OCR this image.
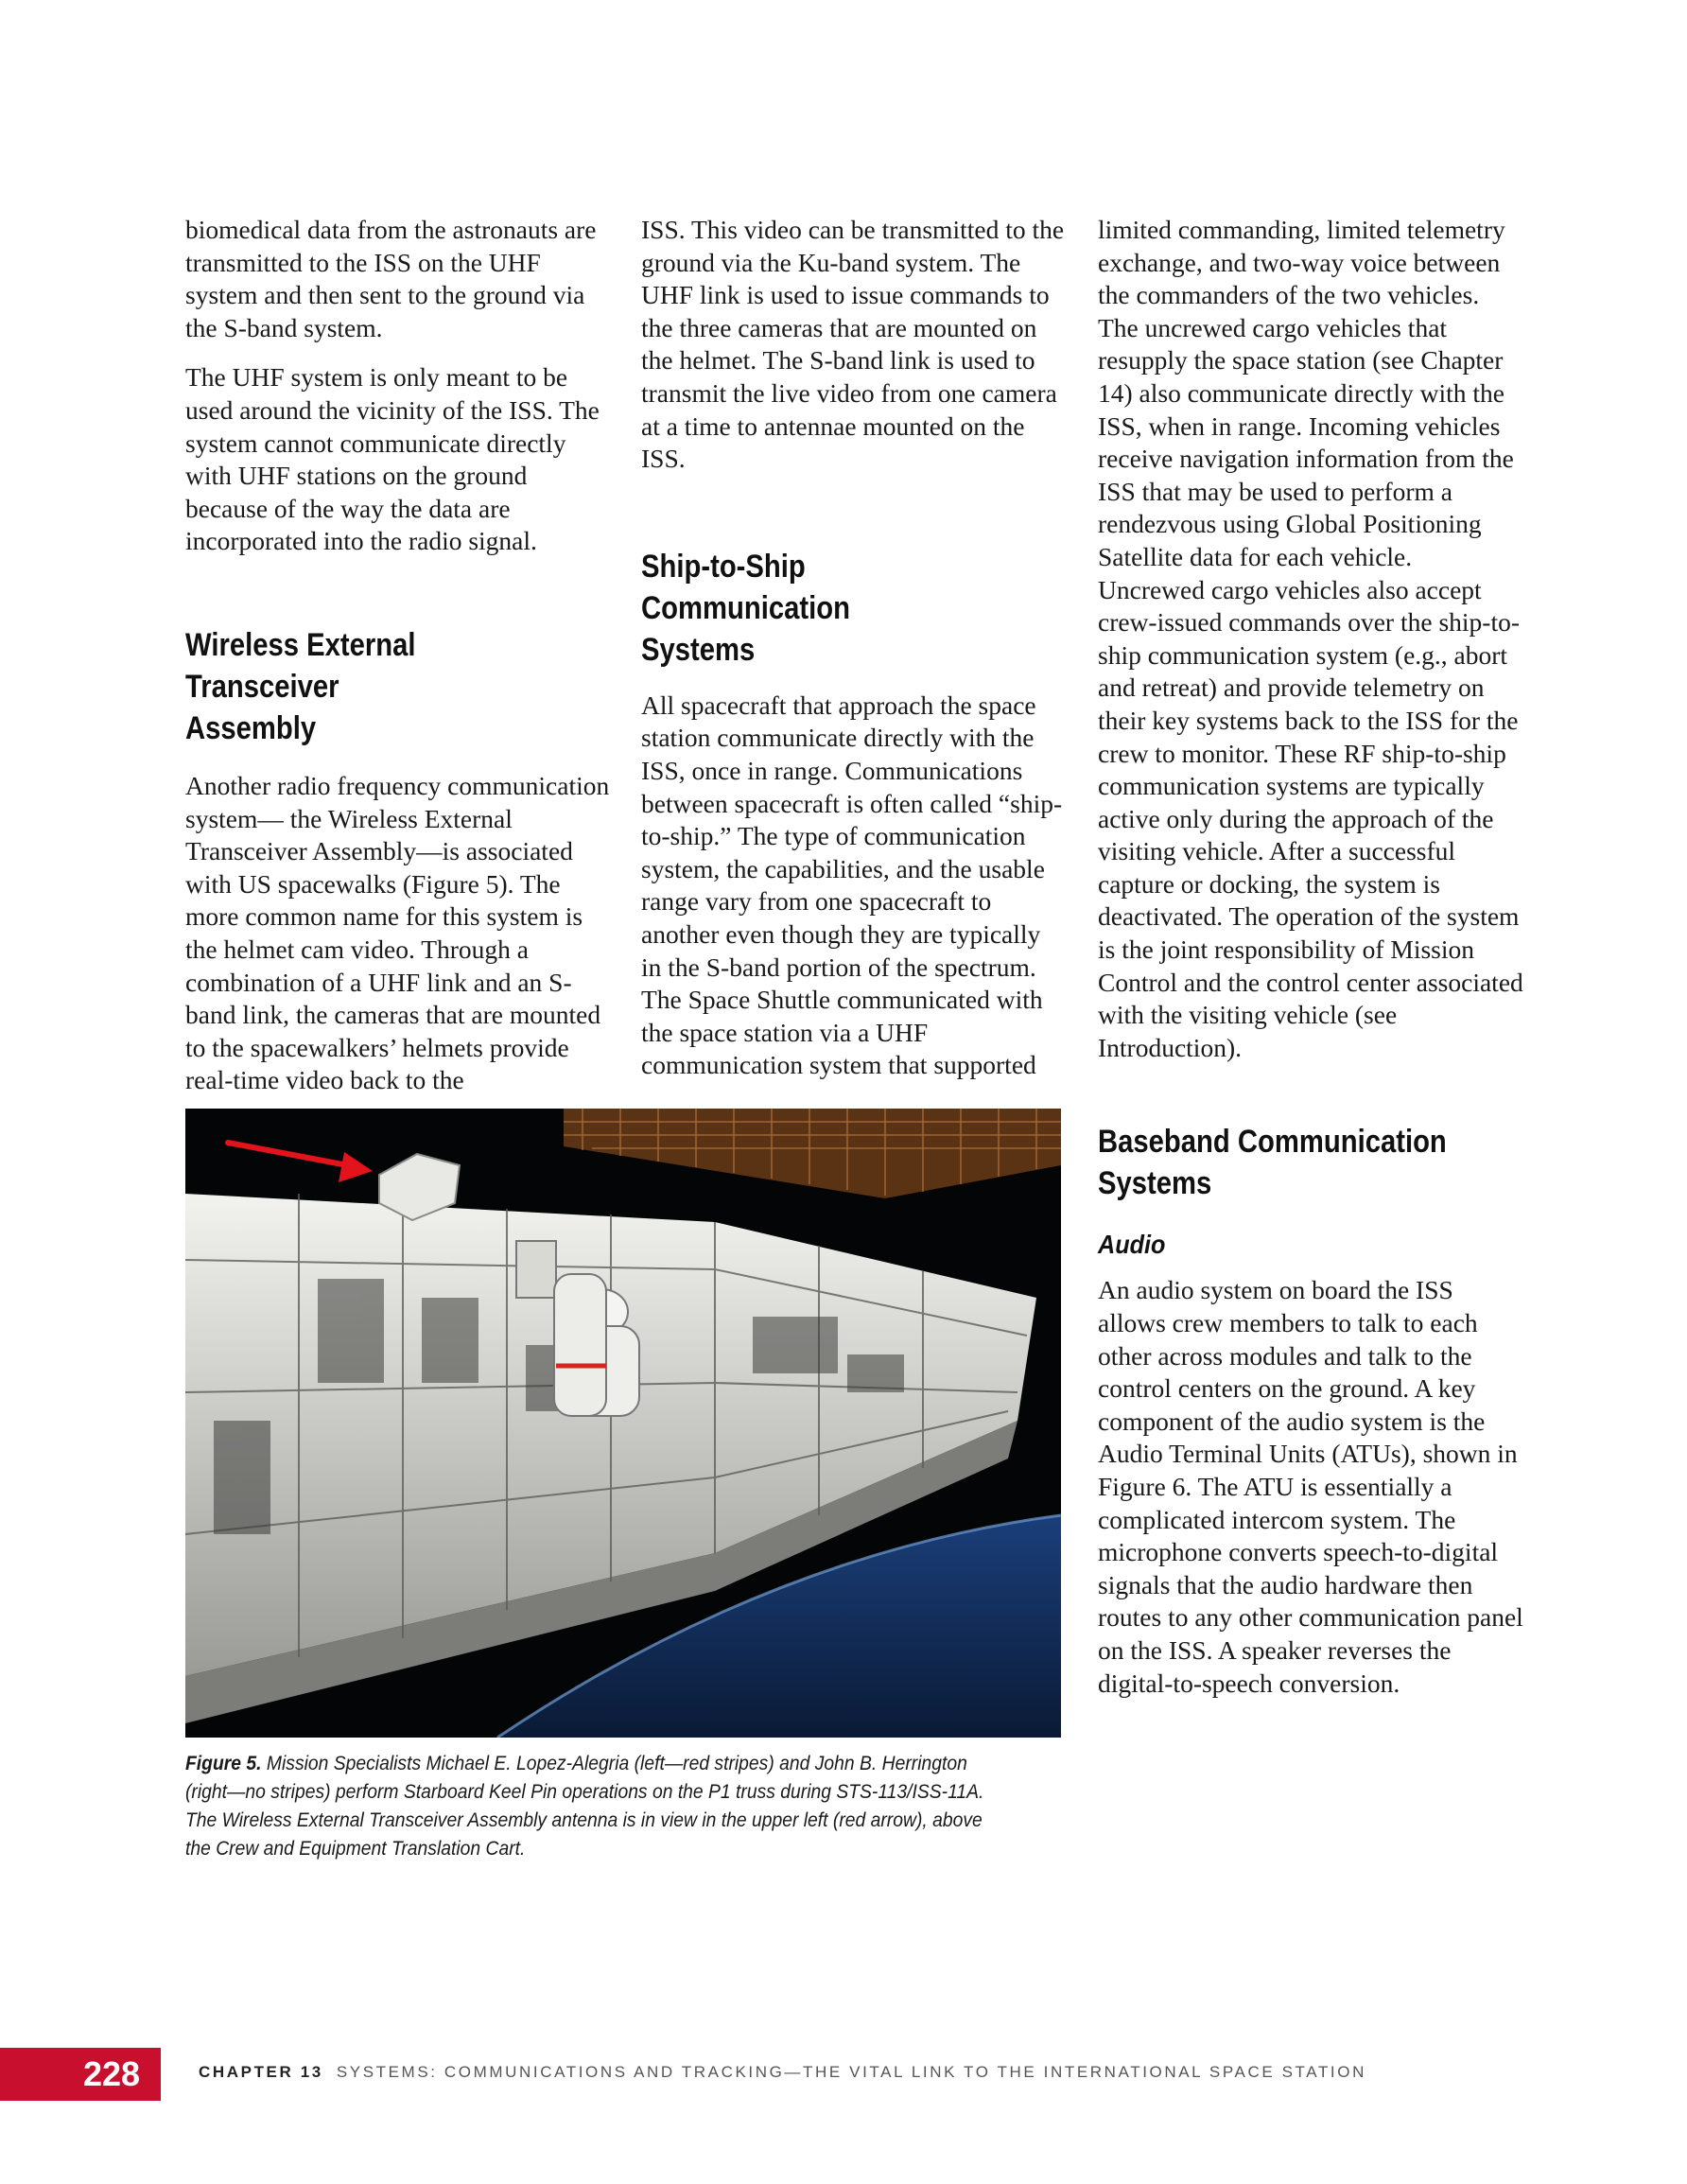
biomedical data from the astronauts are transmitted to the ISS on the UHF system and then sent to the ground via the S-band system.

The UHF system is only meant to be used around the vicinity of the ISS. The system cannot communicate directly with UHF stations on the ground because of the way the data are incorporated into the radio signal.

Wireless External Transceiver Assembly

Another radio frequency communication system— the Wireless External Transceiver Assembly—is associated with US spacewalks (Figure 5). The more common name for this system is the helmet cam video. Through a combination of a UHF link and an S-band link, the cameras that are mounted to the spacewalkers’ helmets provide real-time video back to the

ISS. This video can be transmitted to the ground via the Ku-band system. The UHF link is used to issue commands to the three cameras that are mounted on the helmet. The S-band link is used to transmit the live video from one camera at a time to antennae mounted on the ISS.

Ship-to-Ship Communication Systems

All spacecraft that approach the space station communicate directly with the ISS, once in range. Communications between spacecraft is often called “ship-to-ship.” The type of communication system, the capabilities, and the usable range vary from one spacecraft to another even though they are typically in the S-band portion of the spectrum. The Space Shuttle communicated with the space station via a UHF communication system that supported

limited commanding, limited telemetry exchange, and two-way voice between the commanders of the two vehicles. The uncrewed cargo vehicles that resupply the space station (see Chapter 14) also communicate directly with the ISS, when in range. Incoming vehicles receive navigation information from the ISS that may be used to perform a rendezvous using Global Positioning Satellite data for each vehicle. Uncrewed cargo vehicles also accept crew-issued commands over the ship-to-ship communication system (e.g., abort and retreat) and provide telemetry on their key systems back to the ISS for the crew to monitor. These RF ship-to-ship communication systems are typically active only during the approach of the visiting vehicle. After a successful capture or docking, the system is deactivated. The operation of the system is the joint responsibility of Mission Control and the control center associated with the visiting vehicle (see Introduction).

Baseband Communication Systems
Audio

An audio system on board the ISS allows crew members to talk to each other across modules and talk to the control centers on the ground. A key component of the audio system is the Audio Terminal Units (ATUs), shown in Figure 6. The ATU is essentially a complicated intercom system. The microphone converts speech-to-digital signals that the audio hardware then routes to any other communication panel on the ISS. A speaker reverses the digital-to-speech conversion.

Figure 5. Mission Specialists Michael E. Lopez-Alegria (left—red stripes) and John B. Herrington (right—no stripes) perform Starboard Keel Pin operations on the P1 truss during STS-113/ISS-11A. The Wireless External Transceiver Assembly antenna is in view in the upper left (red arrow), above the Crew and Equipment Translation Cart.
228	CHAPTER 13 SYSTEMS: COMMUNICATIONS AND TRACKING—THE VITAL LINK TO THE INTERNATIONAL SPACE STATION
